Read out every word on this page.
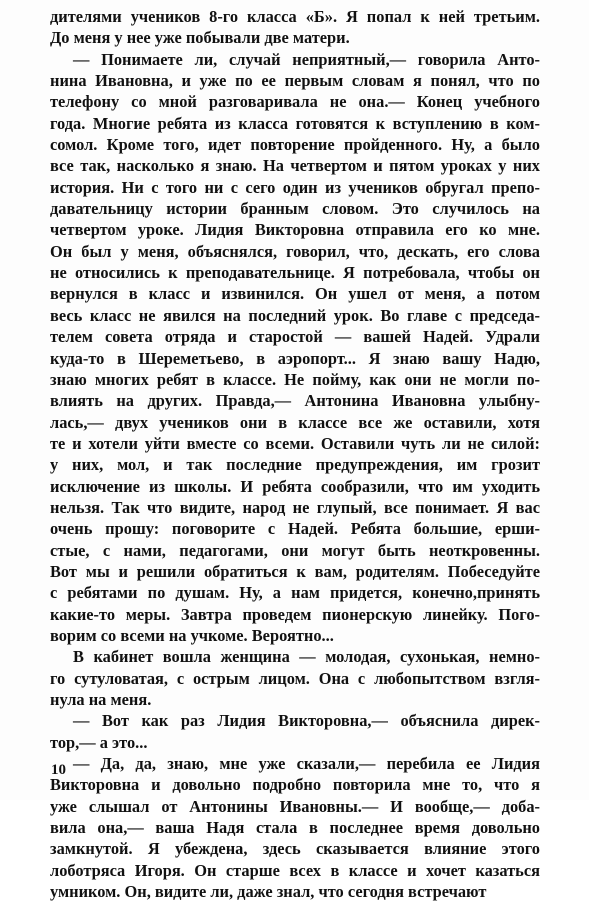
дителями учеников 8-го класса «Б». Я попал к ней третьим.
До меня у нее уже побывали две матери.
— Понимаете ли, случай неприятный,— говорила Анто-
нина Ивановна, и уже по ее первым словам я понял, что по
телефону со мной разговаривала не она.— Конец учебного
года. Многие ребята из класса готовятся к вступлению в ком-
сомол. Кроме того, идет повторение пройденного. Ну, а было
все так, насколько я знаю. На четвертом и пятом уроках у них
история. Ни с того ни с сего один из учеников обругал препо-
давательницу истории бранным словом. Это случилось на
четвертом уроке. Лидия Викторовна отправила его ко мне.
Он был у меня, объяснялся, говорил, что, дескать, его слова
не относились к преподавательнице. Я потребовала, чтобы он
вернулся в класс и извинился. Он ушел от меня, а потом
весь класс не явился на последний урок. Во главе с председа-
телем совета отряда и старостой — вашей Надей. Удрали
куда-то в Шереметьево, в аэропорт... Я знаю вашу Надю,
знаю многих ребят в классе. Не пойму, как они не могли по-
влиять на других. Правда,— Антонина Ивановна улыбну-
лась,— двух учеников они в классе все же оставили, хотя
те и хотели уйти вместе со всеми. Оставили чуть ли не силой:
у них, мол, и так последние предупреждения, им грозит
исключение из школы. И ребята сообразили, что им уходить
нельзя. Так что видите, народ не глупый, все понимает. Я вас
очень прошу: поговорите с Надей. Ребята большие, ерши-
стые, с нами, педагогами, они могут быть неоткровенны.
Вот мы и решили обратиться к вам, родителям. Побеседуйте
с ребятами по душам. Ну, а нам придется, конечно,принять
какие-то меры. Завтра проведем пионерскую линейку. Пого-
ворим со всеми на учкоме. Вероятно...
В кабинет вошла женщина — молодая, сухонькая, немно-
го сутуловатая, с острым лицом. Она с любопытством взгля-
нула на меня.
— Вот как раз Лидия Викторовна,— объяснила дирек-
тор,— а это...
— Да, да, знаю, мне уже сказали,— перебила ее Лидия
Викторовна и довольно подробно повторила мне то, что я
уже слышал от Антонины Ивановны.— И вообще,— доба-
вила она,— ваша Надя стала в последнее время довольно
замкнутой. Я убеждена, здесь сказывается влияние этого
лоботряса Игоря. Он старше всех в классе и хочет казаться
умником. Он, видите ли, даже знал, что сегодня встречают
10
